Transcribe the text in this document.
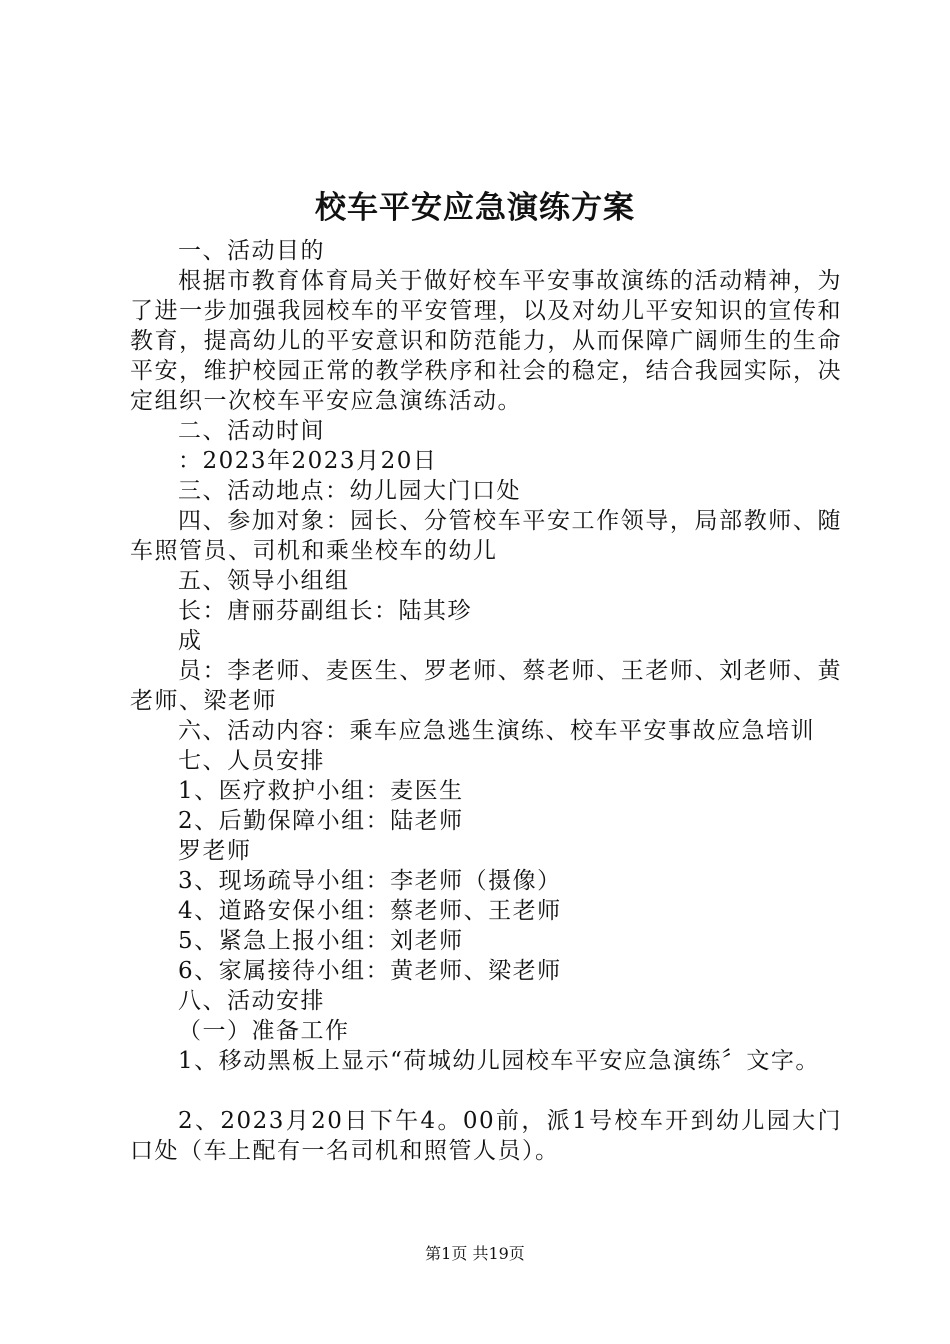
校车平安应急演练方案

一、活动目的

根据市教育体育局关于做好校车平安事故演练的活动精神，为了进一步加强我园校车的平安管理，以及对幼儿平安知识的宣传和教育，提高幼儿的平安意识和防范能力，从而保障广阔师生的生命平安，维护校园正常的教学秩序和社会的稳定，结合我园实际，决定组织一次校车平安应急演练活动。

二、活动时间

：2023年2023月20日

三、活动地点：幼儿园大门口处

四、参加对象：园长、分管校车平安工作领导，局部教师、随车照管员、司机和乘坐校车的幼儿

五、领导小组组

长：唐丽芬副组长：陆其珍

成

员：李老师、麦医生、罗老师、蔡老师、王老师、刘老师、黄老师、梁老师

六、活动内容：乘车应急逃生演练、校车平安事故应急培训

七、人员安排

1、医疗救护小组：麦医生

2、后勤保障小组：陆老师

罗老师

3、现场疏导小组：李老师（摄像）

4、道路安保小组：蔡老师、王老师

5、紧急上报小组：刘老师

6、家属接待小组：黄老师、梁老师

八、活动安排

（一）准备工作

1、移动黑板上显示“荷城幼儿园校车平安应急演练〞文字。

2、2023月20日下午4。00前，派1号校车开到幼儿园大门口处（车上配有一名司机和照管人员）。

第1页 共19页
